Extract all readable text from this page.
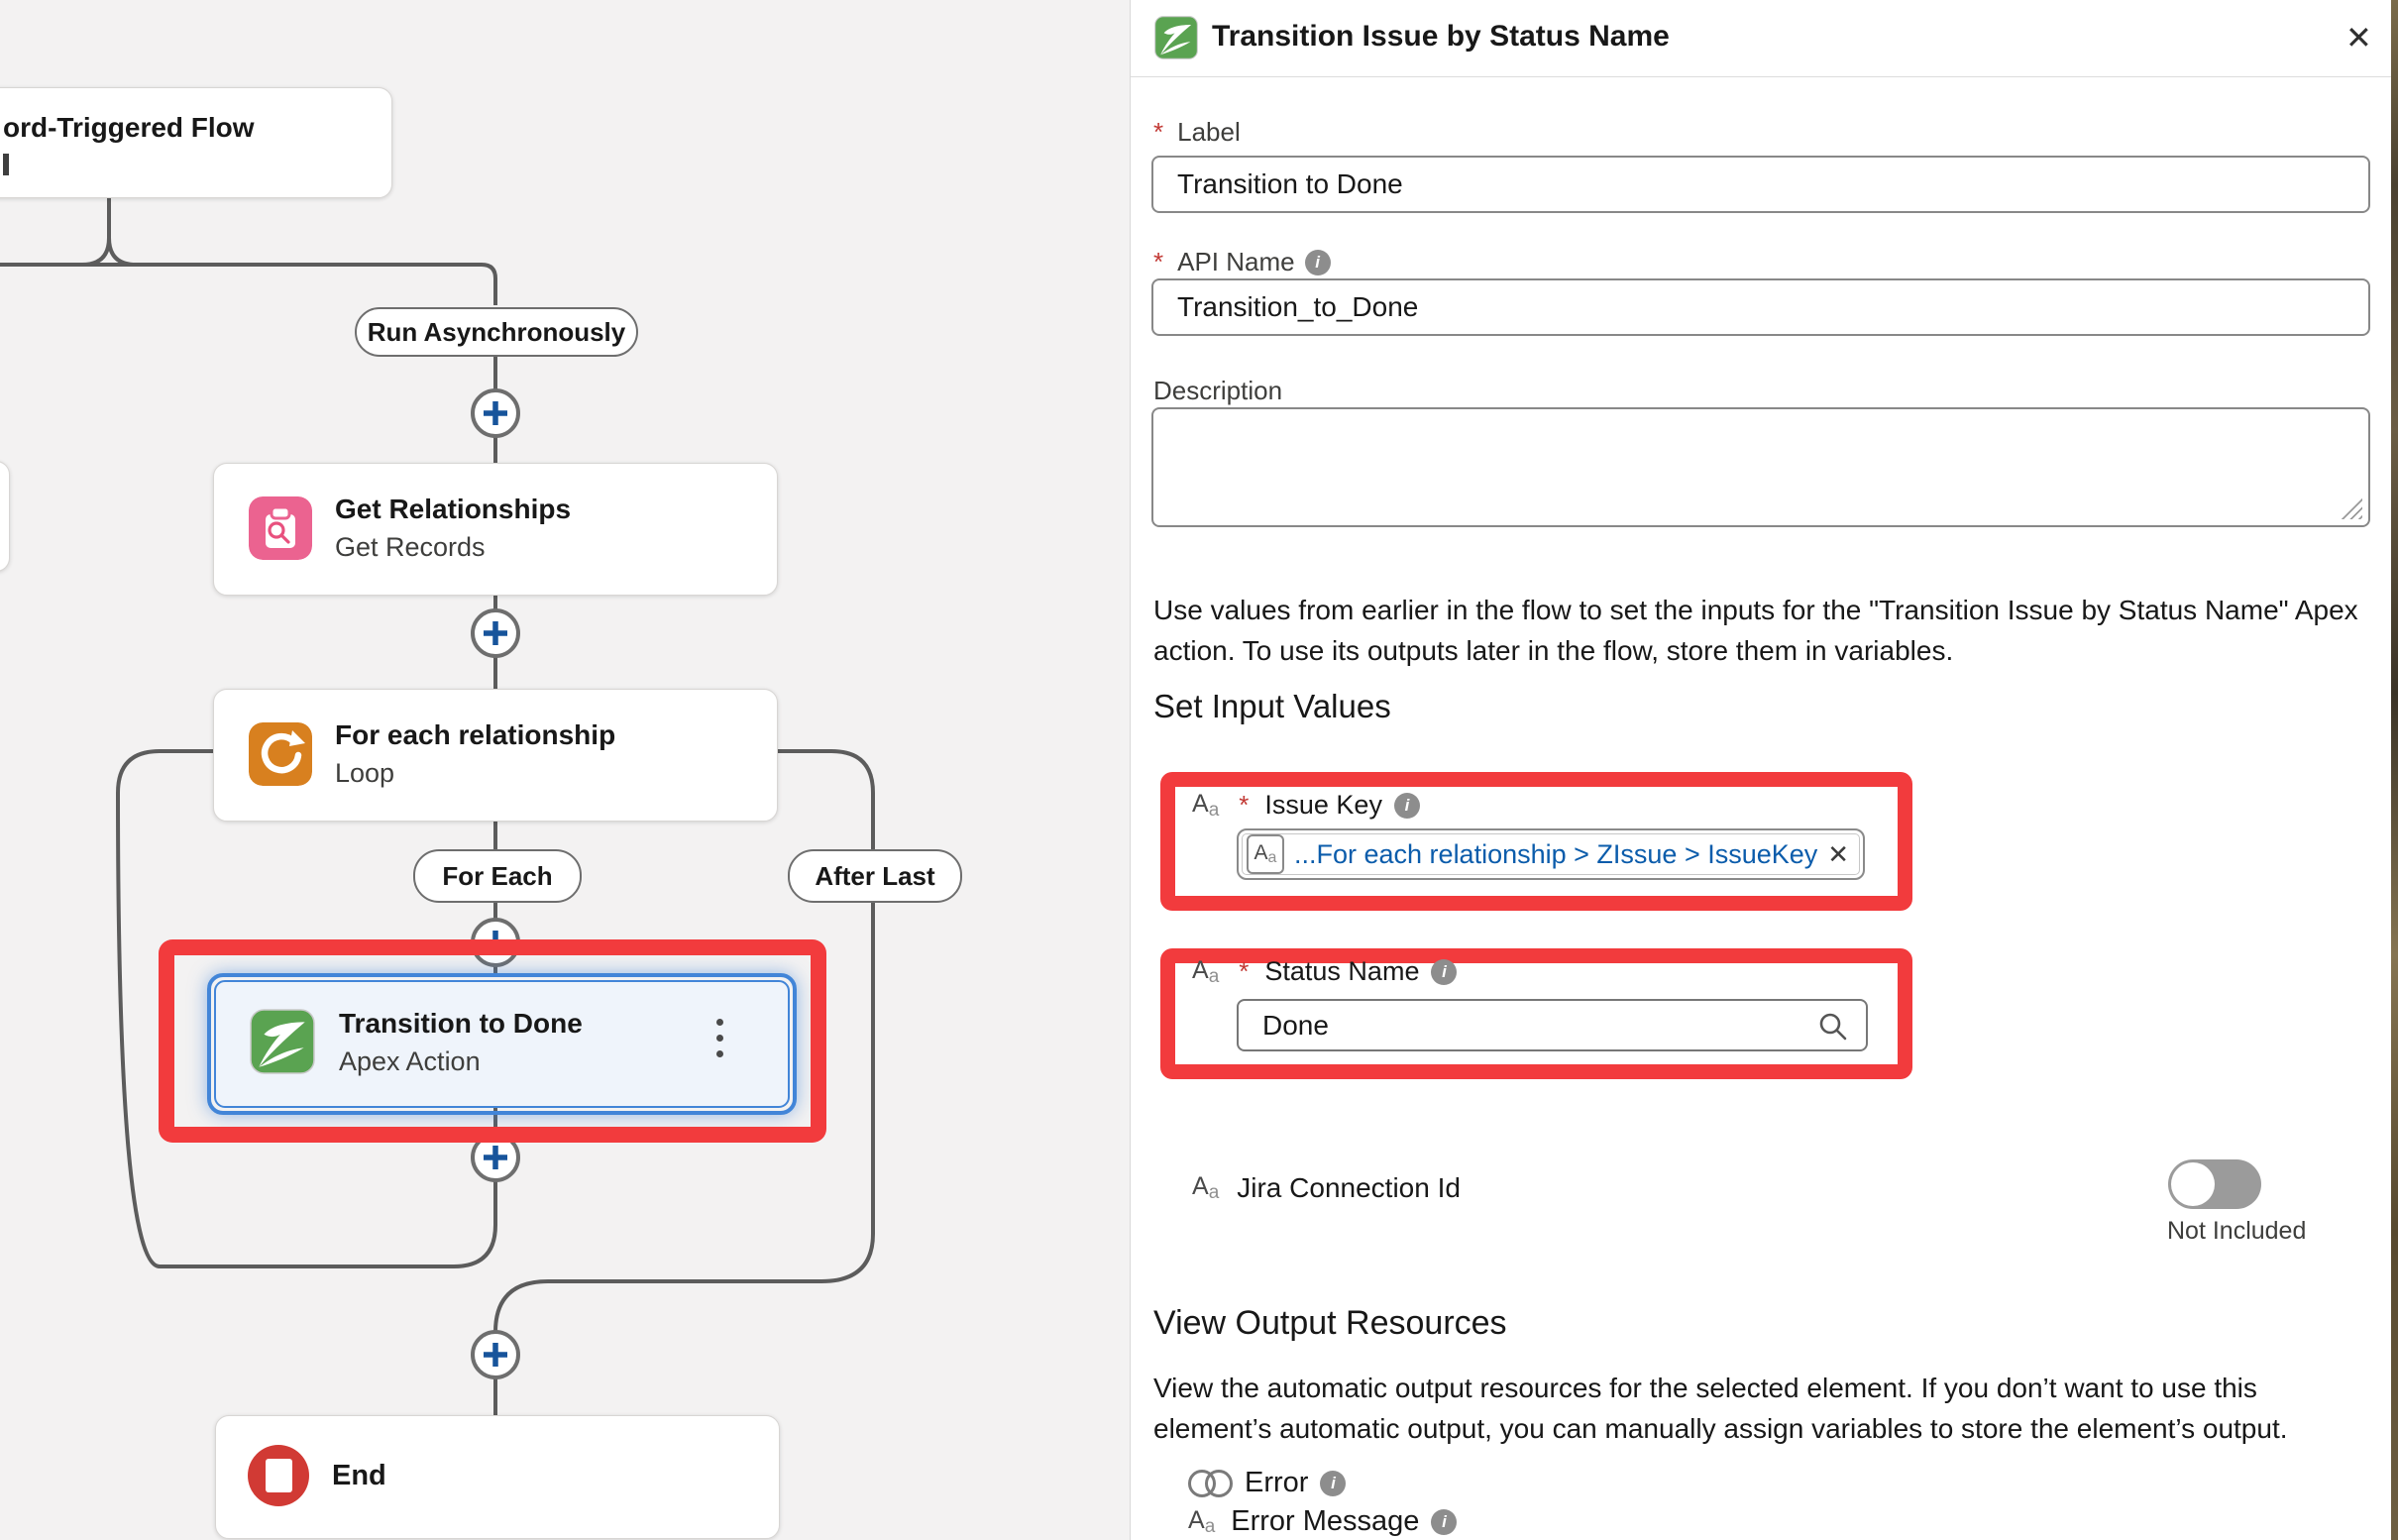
ord-Triggered Flow
Run Asynchronously
Get Relationships
Get Records
For each relationship
Loop
For Each	After Last
Transition to Done
Apex Action
End
Transition Issue by Status Name	✕
* Label
Transition to Done
* API Name	i
Transition_to_Done
Description
Use values from earlier in the flow to set the inputs for the "Transition Issue by Status Name" Apex action. To use its outputs later in the flow, store them in variables.
Set Input Values
A a * Issue Key	i
A a ...For each relationship > ZIssue > IssueKey ✕
A a * Status Name	i
Done
A a Jira Connection Id
Not Included
View Output Resources
View the automatic output resources for the selected element. If you don’t want to use this element’s automatic output, you can manually assign variables to store the element’s output.
Error	i
A a Error Message	i
